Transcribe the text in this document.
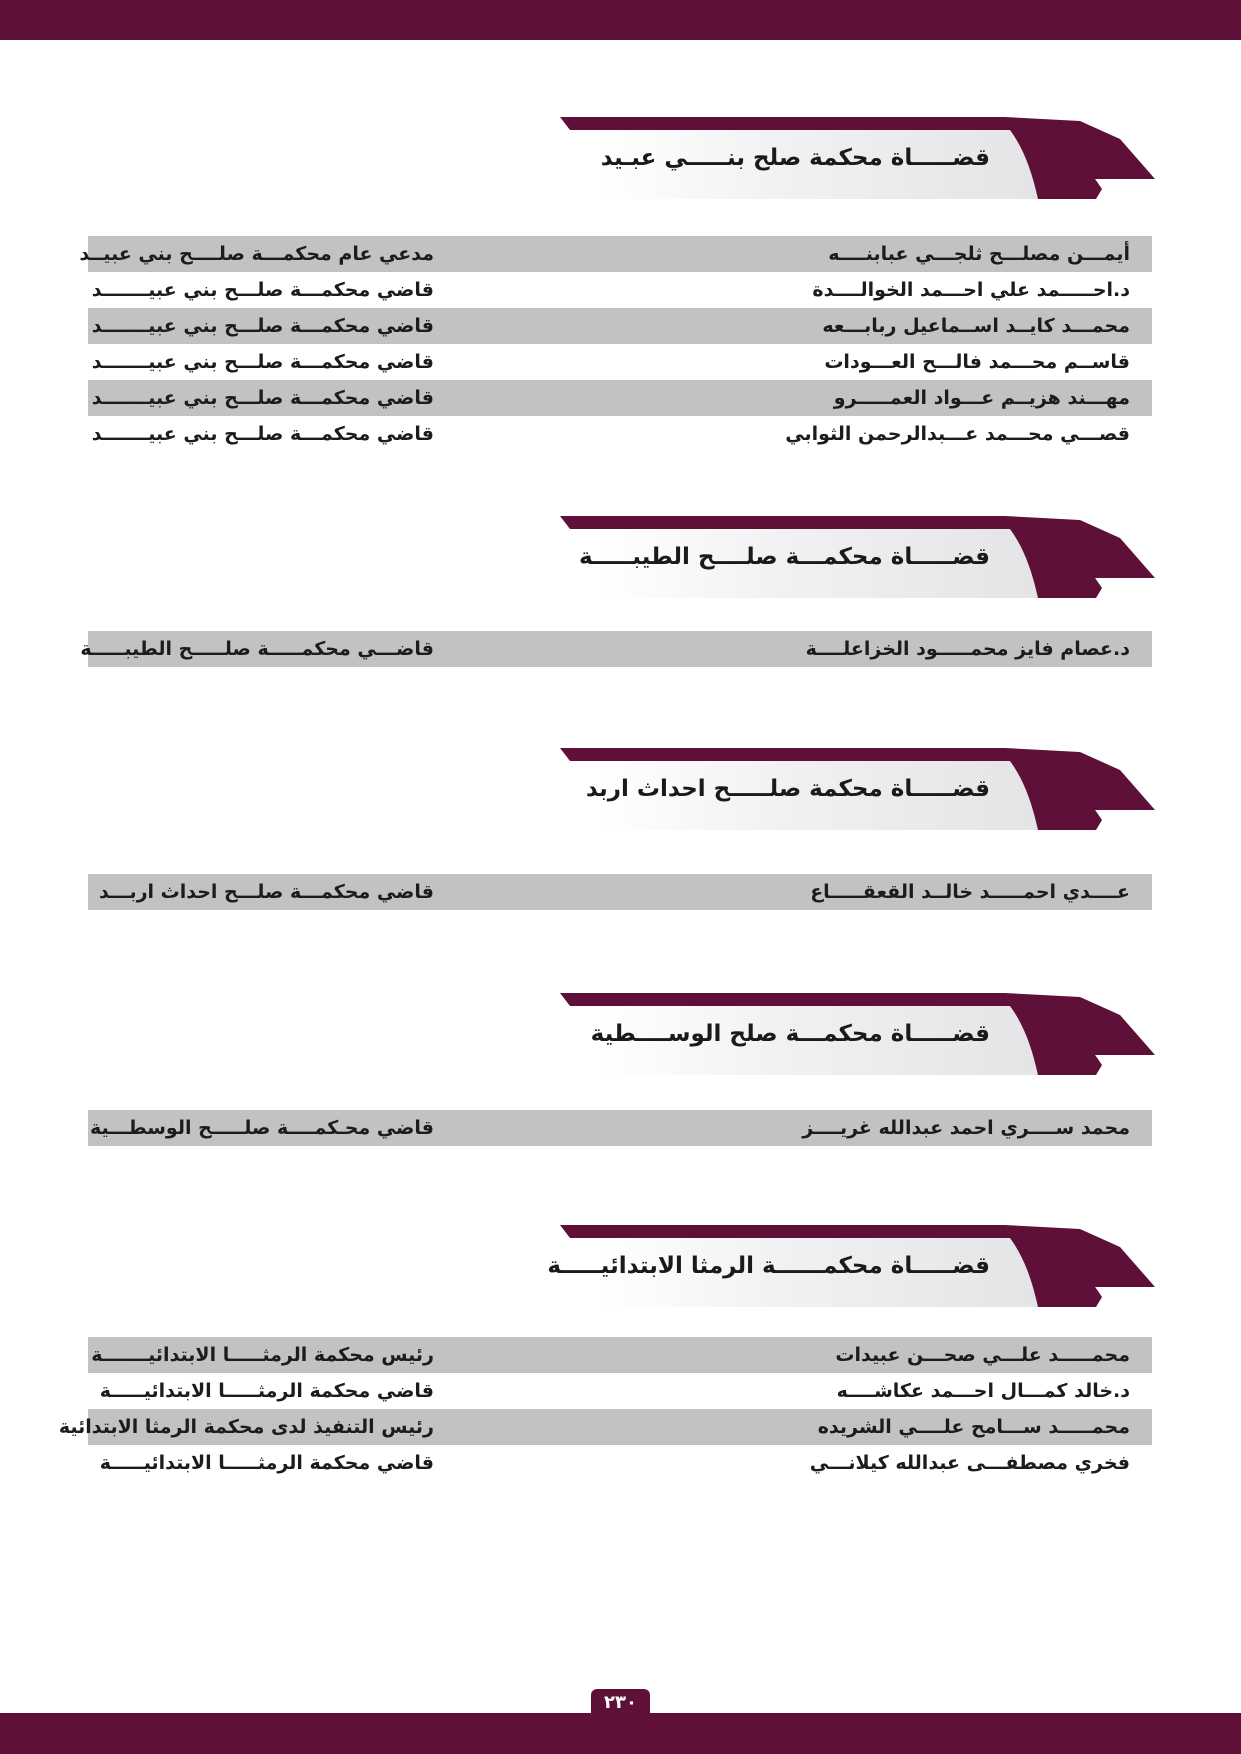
قضـــــاة محكمة صلح بنـــــي عبـيد
أيمـــن مصلـــح ثلجـــي عبابنــــه
مدعي عام محكمـــة صلــــح بني عبيــد
د.احـــــمد علي احـــمد الخوالــــدة
قاضي محكمـــة صلـــح بني عبيـــــــد
محمـــد كايــد اســماعيل ربابـــعه
قاضي محكمـــة صلـــح بني عبيـــــــد
قاســم محـــمد فالـــح العـــودات
قاضي محكمـــة صلـــح بني عبيـــــــد
مهـــند هزيــم عـــواد العمـــــرو
قاضي محكمـــة صلـــح بني عبيـــــــد
قصـــي محـــمد عـــبدالرحمن الثوابي
قاضي محكمـــة صلـــح بني عبيـــــــد
قضـــــاة محكمـــة صلــــح الطيبـــــة
د.عصام فايز محمـــــود الخزاعلــــة
قاضـــي محكمـــــة صلـــــح الطيبـــــة
قضـــــاة محكمة صلـــــح احداث اربد
عــــدي احمـــــد خالــد القعقـــــاع
قاضي محكمـــة صلـــح احداث اربـــد
قضـــــاة محكمـــة صلح الوســــطية
محمد ســــري احمد عبدالله غريــــز
قاضي محـكمــــة صلـــــح الوسطـــية
قضـــــاة محكمــــــة الرمثا الابتدائيـــــة
محمـــــد علـــي صحـــن عبيدات
رئيس محكمة الرمثـــــا الابتدائيـــــــة
د.خالد كمـــال احـــمد عكاشــــه
قاضي محكمة الرمثـــــا الابتدائيـــــة
محمـــــد ســـامح علــــي الشريده
رئيس التنفيذ لدى محكمة الرمثا الابتدائية
فخري مصطفـــى عبدالله كيلانـــي
قاضي محكمة الرمثـــــا الابتدائيـــــة
٢٣٠
